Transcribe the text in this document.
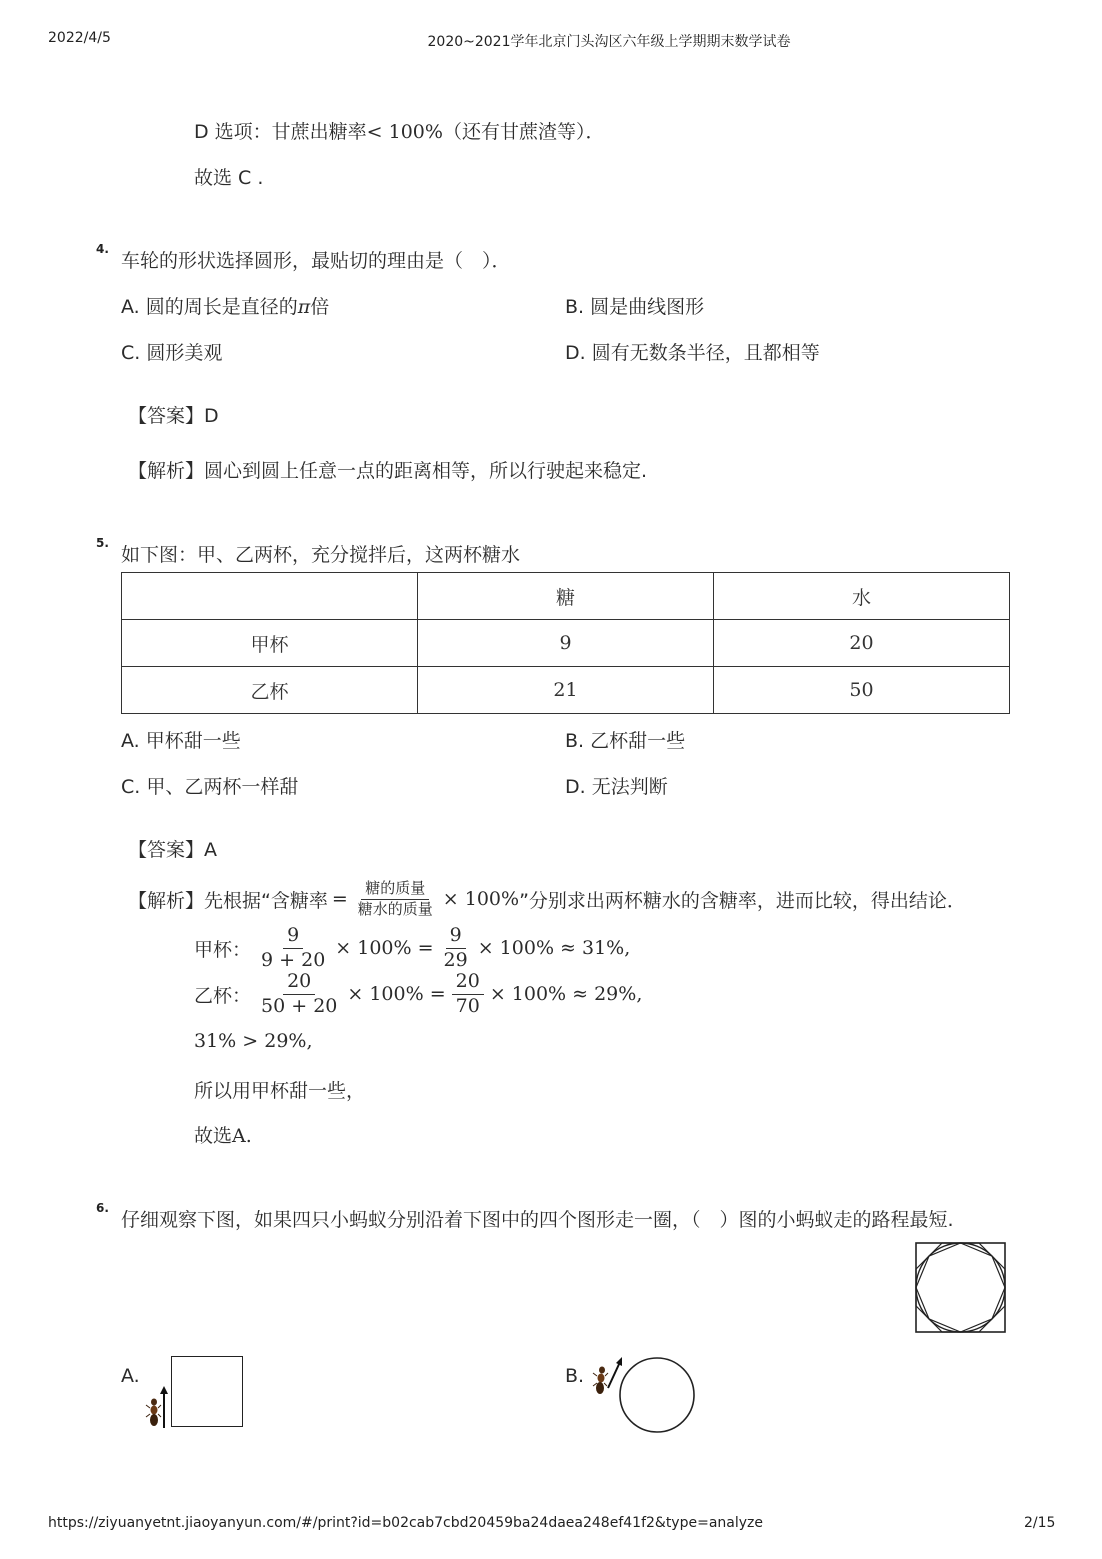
2022/4/5	2020~2021学年北京门头沟区六年级上学期期末数学试卷
D 选项：甘蔗出糖率< 100%（还有甘蔗渣等）．
故选 C .
4.
车轮的形状选择圆形，最贴切的理由是（　）．
A. 圆的周长是直径的π倍	B. 圆是曲线图形
C. 圆形美观	D. 圆有无数条半径，且都相等
【答案】D
【解析】圆心到圆上任意一点的距离相等，所以行驶起来稳定.
5.
如下图：甲、乙两杯，充分搅拌后，这两杯糖水
	糖	水
甲杯	9	20
乙杯	21	50
A. 甲杯甜一些	B. 乙杯甜一些
C. 甲、乙两杯一样甜	D. 无法判断
【答案】A
【解析】 先根据“含糖率 = $\frac{\text{糖的质量}}{\text{糖水的质量}} \times 100\%$ ”分别求出两杯糖水的含糖率，进而比较，得出结论．
甲杯： $\frac{9}{9 + 20} \times 100\% = \frac{9}{29} \times 100\% \approx 31\%$,
乙杯： $\frac{20}{50 + 20} \times 100\% = \frac{20}{70} \times 100\% \approx 29\%$,
31% > 29%,
所以用甲杯甜一些，
故选A.
6.
仔细观察下图，如果四只小蚂蚁分别沿着下图中的四个图形走一圈，（　）图的小蚂蚁走的路程最短.
A.	B.
https://ziyuanyetnt.jiaoyanyun.com/#/print?id=b02cab7cbd20459ba24daea248ef41f2&type=analyze	2/15
